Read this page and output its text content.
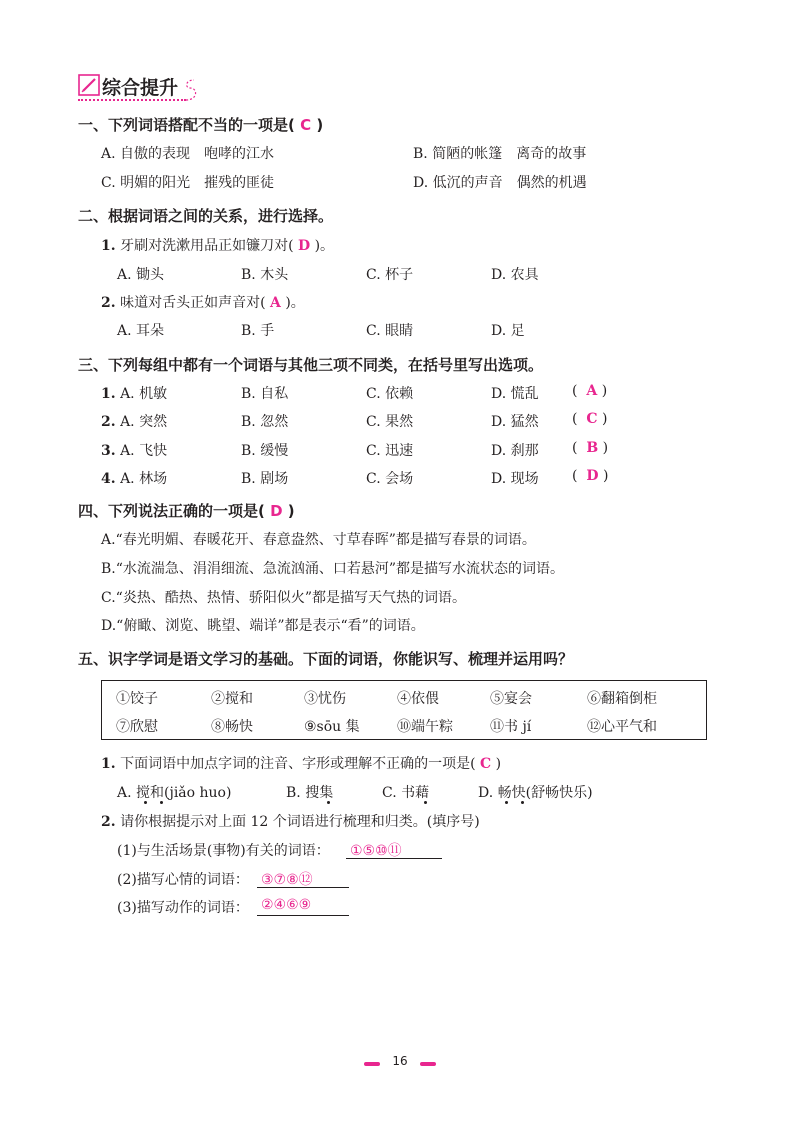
综合提升
一、下列词语搭配不当的一项是( C )
A. 自傲的表现　咆哮的江水	B. 简陋的帐篷　离奇的故事
C. 明媚的阳光　摧残的匪徒	D. 低沉的声音　偶然的机遇
二、根据词语之间的关系，进行选择。
1. 牙刷对洗漱用品正如镰刀对( D )。
A. 锄头	B. 木头	C. 杯子	D. 农具
2. 味道对舌头正如声音对( A )。
A. 耳朵	B. 手	C. 眼睛	D. 足
三、下列每组中都有一个词语与其他三项不同类，在括号里写出选项。
1. A. 机敏	B. 自私	C. 依赖	D. 慌乱 ( A )
2. A. 突然	B. 忽然	C. 果然	D. 猛然 ( C )
3. A. 飞快	B. 缓慢	C. 迅速	D. 刹那 ( B )
4. A. 林场	B. 剧场	C. 会场	D. 现场 ( D )
四、下列说法正确的一项是( D )
A.“春光明媚、春暖花开、春意盎然、寸草春晖”都是描写春景的词语。
B.“水流湍急、涓涓细流、急流汹涌、口若悬河”都是描写水流状态的词语。
C.“炎热、酷热、热情、骄阳似火”都是描写天气热的词语。
D.“俯瞰、浏览、眺望、端详”都是表示“看”的词语。
五、识字学词是语文学习的基础。下面的词语，你能识写、梳理并运用吗？
①饺子	②搅和	③忧伤	④依偎	⑤宴会	⑥翻箱倒柜
⑦欣慰	⑧畅快	⑨sōu 集	⑩端午粽	⑪书 jí	⑫心平气和
1. 下面词语中加点字词的注音、字形或理解不正确的一项是( C )
A. 搅和(jiǎo huo)	B. 搜集	C. 书藉	D. 畅快(舒畅快乐)
2. 请你根据提示对上面 12 个词语进行梳理和归类。(填序号)
(1)与生活场景(事物)有关的词语： ①⑤⑩⑪
(2)描写心情的词语： ③⑦⑧⑫
(3)描写动作的词语： ②④⑥⑨
16
